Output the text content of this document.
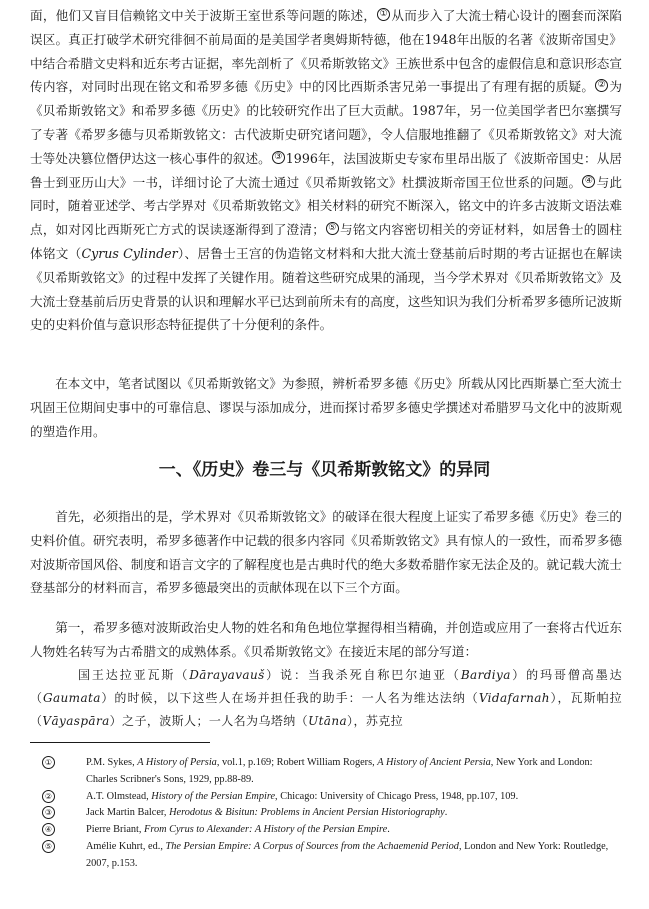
面，他们又盲目信赖铭文中关于波斯王室世系等问题的陈述， ① 从而步入了大流士精心设计的圈套而深陷误区。真正打破学术研究徘徊不前局面的是美国学者奥姆斯特德，他在1948年出版的名著《波斯帝国史》中结合希腊文史料和近东考古证据，率先剖析了《贝希斯敦铭文》王族世系中包含的虚假信息和意识形态宣传内容，对同时出现在铭文和希罗多德《历史》中的冈比西斯杀害兄弟一事提出了有理有据的质疑。 ② 为《贝希斯敦铭文》和希罗多德《历史》的比较研究作出了巨大贡献。1987年，另一位美国学者巴尔塞撰写了专著《希罗多德与贝希斯敦铭文：古代波斯史研究诸问题》，令人信服地推翻了《贝希斯敦铭文》对大流士等处决篡位僭伊达这一核心事件的叙述。 ③ 1996年，法国波斯史专家布里昂出版了《波斯帝国史：从居鲁士到亚历山大》一书，详细讨论了大流士通过《贝希斯敦铭文》杜撰波斯帝国王位世系的问题。 ④ 与此同时，随着亚述学、考古学界对《贝希斯敦铭文》相关材料的研究不断深入，铭文中的许多古波斯文语法难点，如对冈比西斯死亡方式的误读逐渐得到了澄清； ⑤ 与铭文内容密切相关的旁证材料，如居鲁士的圆柱体铭文（Cyrus Cylinder）、居鲁士王宫的伪造铭文材料和大批大流士登基前后时期的考古证据也在解读《贝希斯敦铭文》的过程中发挥了关键作用。随着这些研究成果的涌现，当今学术界对《贝希斯敦铭文》及大流士登基前后历史背景的认识和理解水平已达到前所未有的高度，这些知识为我们分析希罗多德所记波斯史的史料价值与意识形态特征提供了十分便利的条件。

在本文中，笔者试图以《贝希斯敦铭文》为参照，辨析希罗多德《历史》所载从冈比西斯暴亡至大流士巩固王位期间史事中的可靠信息、谬误与添加成分，进而探讨希罗多德史学撰述对希腊罗马文化中的波斯观的塑造作用。

一、《历史》卷三与《贝希斯敦铭文》的异同

首先，必须指出的是，学术界对《贝希斯敦铭文》的破译在很大程度上证实了希罗多德《历史》卷三的史料价值。研究表明，希罗多德著作中记载的很多内容同《贝希斯敦铭文》具有惊人的一致性，而希罗多德对波斯帝国风俗、制度和语言文字的了解程度也是古典时代的绝大多数希腊作家无法企及的。就记载大流士登基部分的材料而言，希罗多德最突出的贡献体现在以下三个方面。

第一，希罗多德对波斯政治史人物的姓名和角色地位掌握得相当精确，并创造或应用了一套将古代近东人物姓名转写为古希腊文的成熟体系。《贝希斯敦铭文》在接近末尾的部分写道：

国王达拉亚瓦斯（Dārayavauš）说：当我杀死自称巴尔迪亚（Bardiya）的玛哥僧高墨达（Gaumata）的时候，以下这些人在场并担任我的助手：一人名为维达法纳（Vidafarnah），瓦斯帕拉（Vāyaspāra）之子，波斯人；一人名为乌塔纳（Utāna），苏克拉

①	P.M. Sykes, A History of Persia, vol.1, p.169; Robert William Rogers, A History of Ancient Persia, New York and London: Charles Scribner's Sons, 1929, pp.88-89.
②	A.T. Olmstead, History of the Persian Empire, Chicago: University of Chicago Press, 1948, pp.107, 109.
③	Jack Martin Balcer, Herodotus & Bisitun: Problems in Ancient Persian Historiography.
④	Pierre Briant, From Cyrus to Alexander: A History of the Persian Empire.
⑤	Amélie Kuhrt, ed., The Persian Empire: A Corpus of Sources from the Achaemenid Period, London and New York: Routledge, 2007, p.153.
